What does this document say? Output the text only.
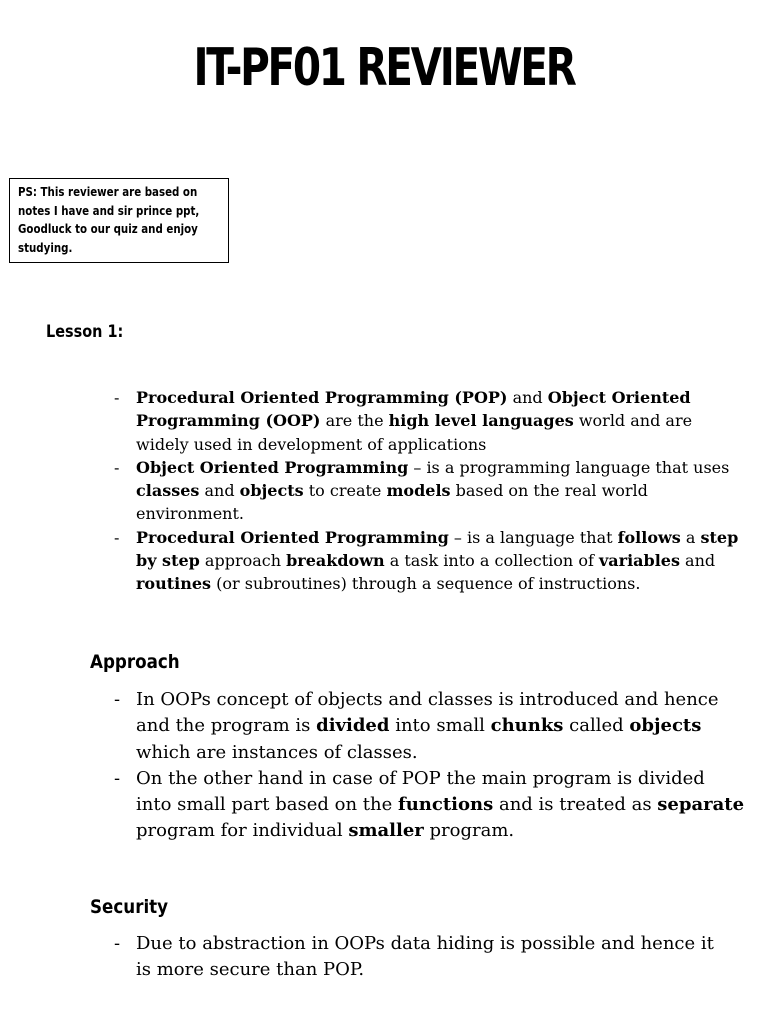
IT-PF01 REVIEWER
PS: This reviewer are based on
notes I have and sir prince ppt,
Goodluck to our quiz and enjoy
studying.
Lesson 1:
- Procedural Oriented Programming (POP) and Object Oriented
Programming (OOP) are the high level languages world and are
widely used in development of applications
- Object Oriented Programming – is a programming language that uses
classes and objects to create models based on the real world
environment.
- Procedural Oriented Programming – is a language that follows a step
by step approach breakdown a task into a collection of variables and
routines (or subroutines) through a sequence of instructions.
Approach
- In OOPs concept of objects and classes is introduced and hence
and the program is divided into small chunks called objects
which are instances of classes.
- On the other hand in case of POP the main program is divided
into small part based on the functions and is treated as separate
program for individual smaller program.
Security
- Due to abstraction in OOPs data hiding is possible and hence it
is more secure than POP.
